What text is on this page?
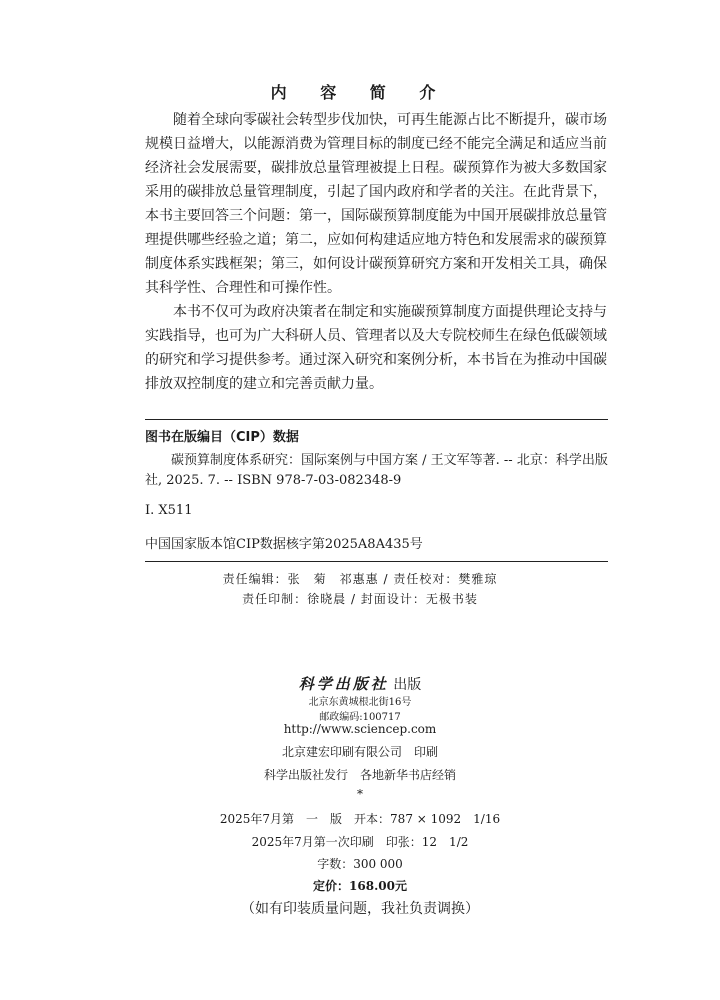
内 容 简 介

随着全球向零碳社会转型步伐加快，可再生能源占比不断提升，碳市场规模日益增大，以能源消费为管理目标的制度已经不能完全满足和适应当前经济社会发展需要，碳排放总量管理被提上日程。碳预算作为被大多数国家采用的碳排放总量管理制度，引起了国内政府和学者的关注。在此背景下，本书主要回答三个问题：第一，国际碳预算制度能为中国开展碳排放总量管理提供哪些经验之道；第二，应如何构建适应地方特色和发展需求的碳预算制度体系实践框架；第三，如何设计碳预算研究方案和开发相关工具，确保其科学性、合理性和可操作性。

本书不仅可为政府决策者在制定和实施碳预算制度方面提供理论支持与实践指导，也可为广大科研人员、管理者以及大专院校师生在绿色低碳领域的研究和学习提供参考。通过深入研究和案例分析，本书旨在为推动中国碳排放双控制度的建立和完善贡献力量。

图书在版编目（CIP）数据
碳预算制度体系研究：国际案例与中国方案 / 王文军等著. -- 北京：科学出版社, 2025. 7. -- ISBN 978-7-03-082348-9
Ⅰ. X511
中国国家版本馆CIP数据核字第2025A8A435号
责任编辑：张　菊　祁惠惠 / 责任校对：樊雅琼
责任印制：徐晓晨 / 封面设计：无极书装
科学出版社 出版
北京东黄城根北街16号
邮政编码:100717
http://www.sciencep.com
北京建宏印刷有限公司　印刷
科学出版社发行　各地新华书店经销
*
2025年7月第　一　版　开本：787 × 1092　1/16
2025年7月第一次印刷　印张：12　1/2
字数：300 000
定价：168.00元
（如有印装质量问题，我社负责调换）
